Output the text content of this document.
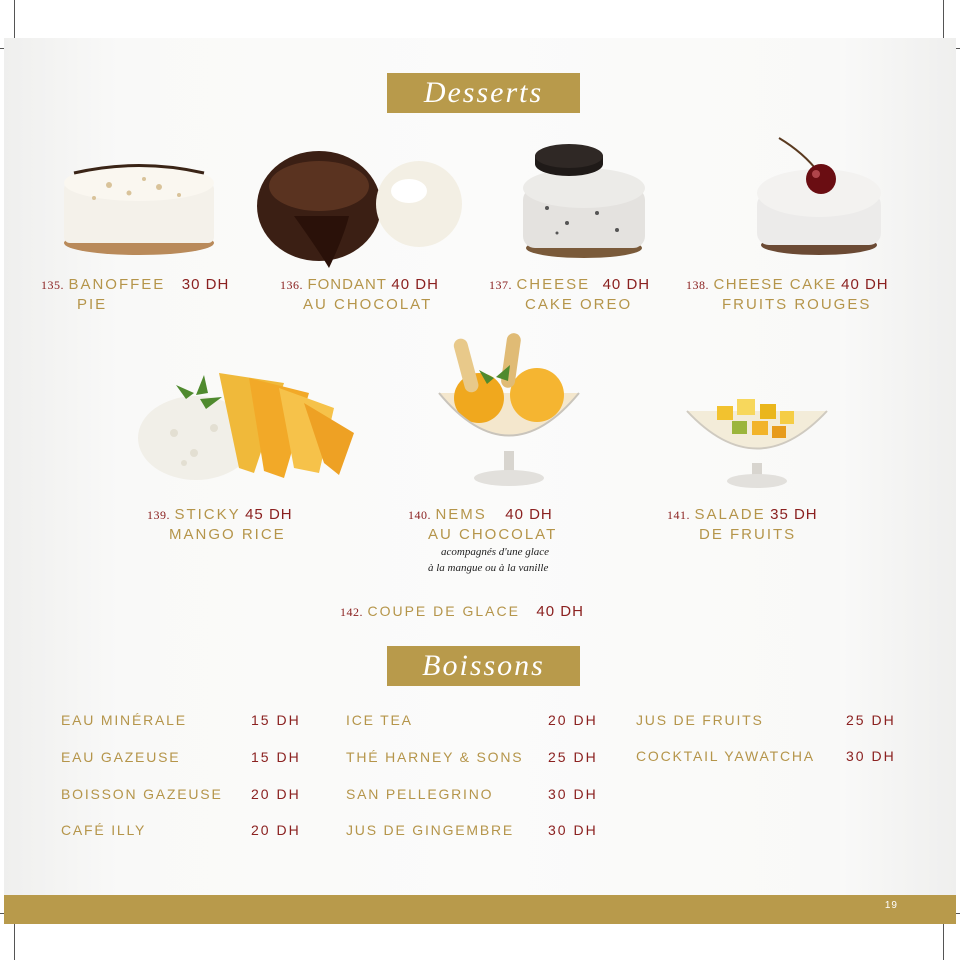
Desserts
135. BANOFFEE 30 DH
PIE
136. FONDANT 40 DH
AU CHOCOLAT
137. CHEESE 40 DH
CAKE OREO
138. CHEESE CAKE 40 DH
FRUITS ROUGES
139. STICKY 45 DH
MANGO RICE
140. NEMS 40 DH
AU CHOCOLAT
acompagnés d'une glace
à la mangue ou à la vanille
141. SALADE 35 DH
DE FRUITS
142. COUPE DE GLACE 40 DH
Boissons
EAU MINÉRALE	15 DH
EAU GAZEUSE	15 DH
BOISSON GAZEUSE 20 DH
CAFÉ ILLY	20 DH
ICE TEA	20 DH
THÉ HARNEY & SONS 25 DH
SAN PELLEGRINO	30 DH
JUS DE GINGEMBRE 30 DH
JUS DE FRUITS	25 DH
COCKTAIL YAWATCHA 30 DH
19
